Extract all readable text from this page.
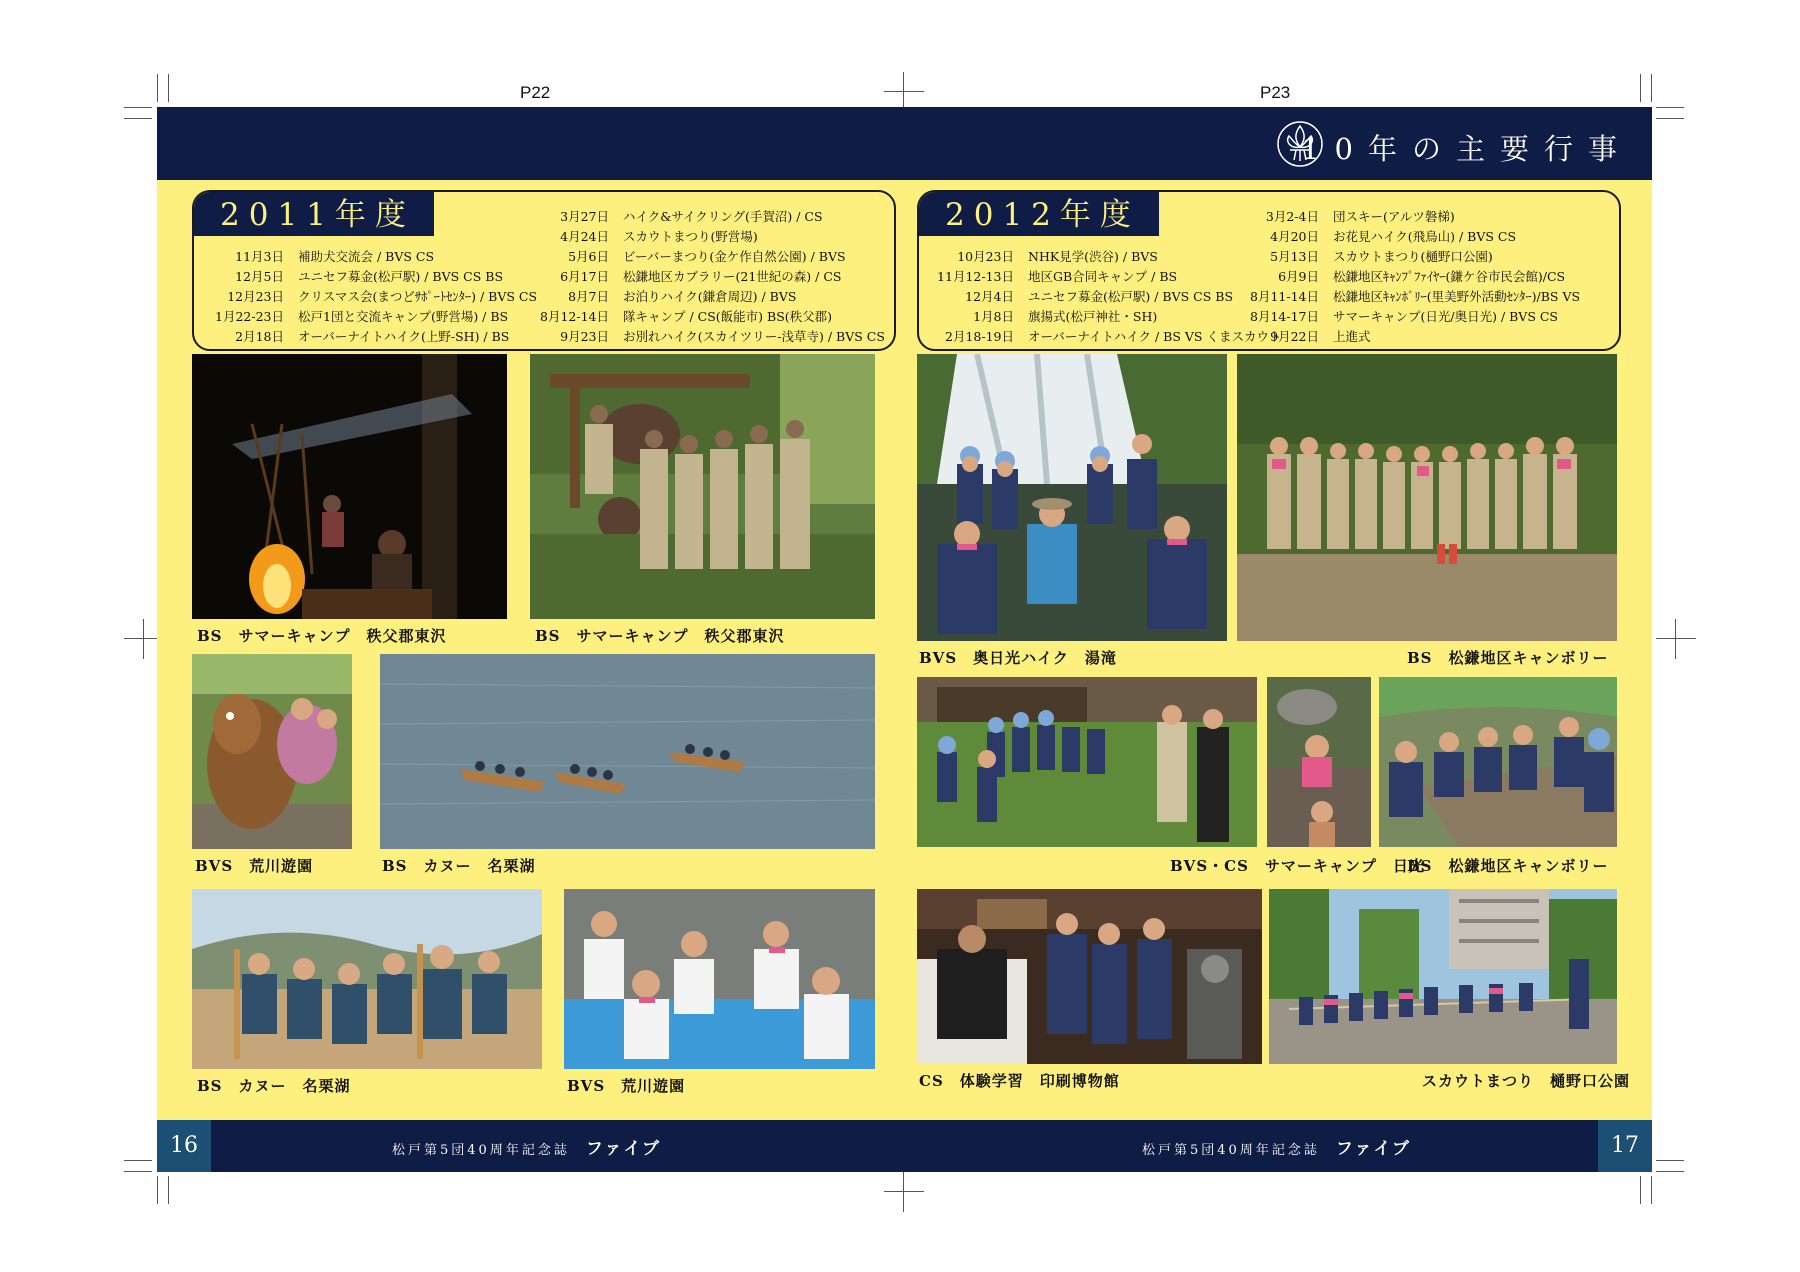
P22	P23
10年の主要行事
2011年度
11月3日 補助犬交流会 / BVS CS
12月5日 ユニセフ募金(松戸駅) / BVS CS BS
12月23日 クリスマス会(まつどｻﾎﾟｰﾄｾﾝﾀｰ) / BVS CS
1月22-23日 松戸1団と交流キャンプ(野営場) / BS
2月18日 オーバーナイトハイク(上野-SH) / BS
3月27日 ハイク&サイクリング(手賀沼) / CS
4月24日 スカウトまつり(野営場)
5月6日 ビーバーまつり(金ケ作自然公園) / BVS
6月17日 松鎌地区カブラリー(21世紀の森) / CS
8月7日 お泊りハイク(鎌倉周辺) / BVS
8月12-14日 隊キャンプ / CS(飯能市) BS(秩父郡)
9月23日 お別れハイク(スカイツリー-浅草寺) / BVS CS
2012年度
10月23日 NHK見学(渋谷) / BVS
11月12-13日 地区GB合同キャンプ / BS
12月4日 ユニセフ募金(松戸駅) / BVS CS BS
1月8日 旗揚式(松戸神社・SH)
2月18-19日 オーバーナイトハイク / BS VS くまスカウト
3月2-4日 団スキー(アルツ磐梯)
4月20日 お花見ハイク(飛鳥山) / BVS CS
5月13日 スカウトまつり(樋野口公園)
6月9日 松鎌地区ｷｬﾝﾌﾟﾌｧｲﾔｰ(鎌ケ谷市民会館)/CS
8月11-14日 松鎌地区ｷｬﾝﾎﾞﾘｰ(里美野外活動ｾﾝﾀｰ)/BS VS
8月14-17日 サマーキャンプ(日光/奥日光) / BVS CS
9月22日 上進式
BS　サマーキャンプ　秩父郡東沢	BS　サマーキャンプ　秩父郡東沢
BVS　荒川遊園	BS　カヌー　名栗湖
BS　カヌー　名栗湖	BVS　荒川遊園
BVS　奥日光ハイク　湯滝	BS　松鎌地区キャンボリー
BVS・CS　サマーキャンプ　日光
BS　松鎌地区キャンボリー
CS　体験学習　印刷博物館	スカウトまつり　樋野口公園
16	松戸第5団40周年記念誌　 ファイブ	松戸第5団40周年記念誌　 ファイブ	17
